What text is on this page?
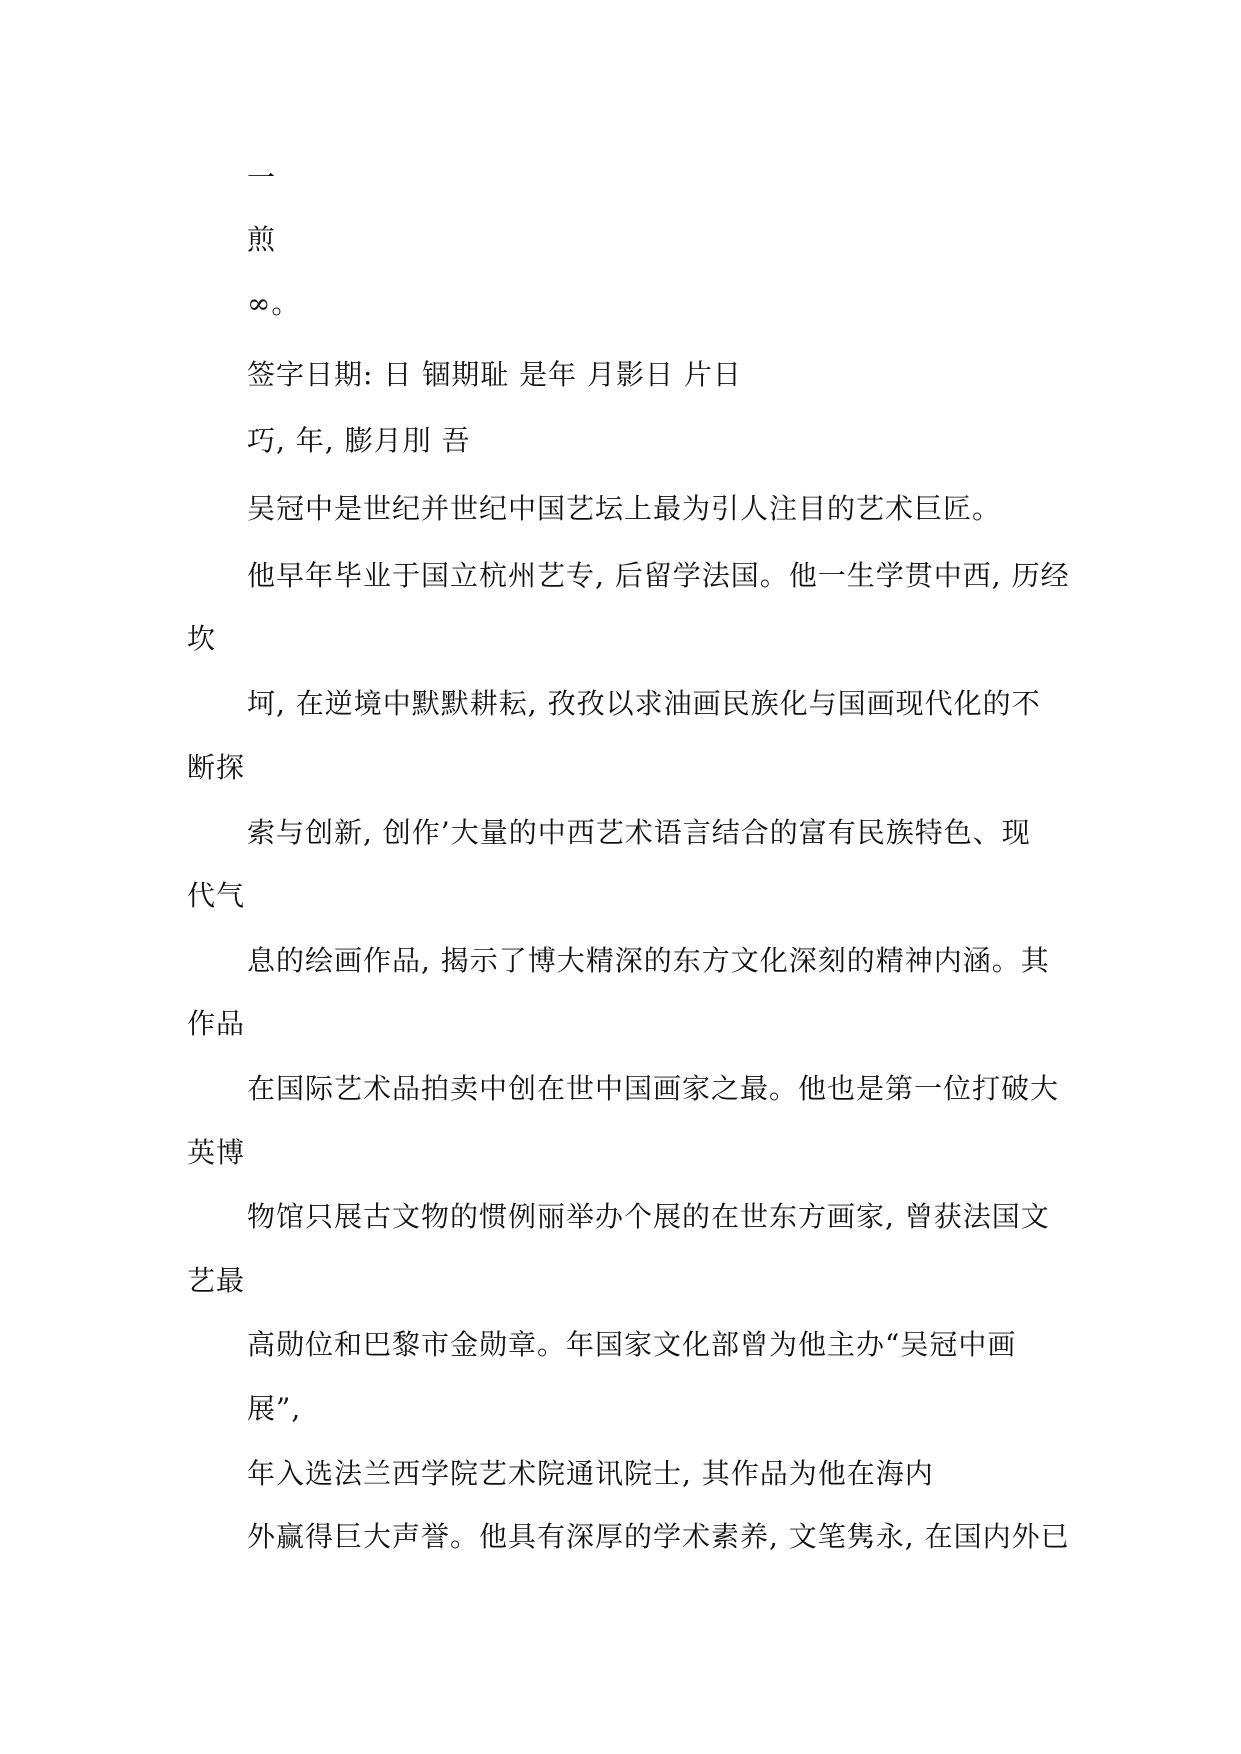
一
煎
∞。
签字日期: 日 锢期耻 是年 月影日 片日
巧, 年, 膨月刖 吾
吴冠中是世纪并世纪中国艺坛上最为引人注目的艺术巨匠。
他早年毕业于国立杭州艺专, 后留学法国。他一生学贯中西, 历经
坎
坷, 在逆境中默默耕耘, 孜孜以求油画民族化与国画现代化的不
断探
索与创新, 创作’大量的中西艺术语言结合的富有民族特色、现
代气
息的绘画作品, 揭示了博大精深的东方文化深刻的精神内涵。其
作品
在国际艺术品拍卖中创在世中国画家之最。他也是第一位打破大
英博
物馆只展古文物的惯例丽举办个展的在世东方画家, 曾获法国文
艺最
高勋位和巴黎市金勋章。年国家文化部曾为他主办“吴冠中画
展”,
年入选法兰西学院艺术院通讯院士, 其作品为他在海内
外赢得巨大声誉。他具有深厚的学术素养, 文笔隽永, 在国内外已
